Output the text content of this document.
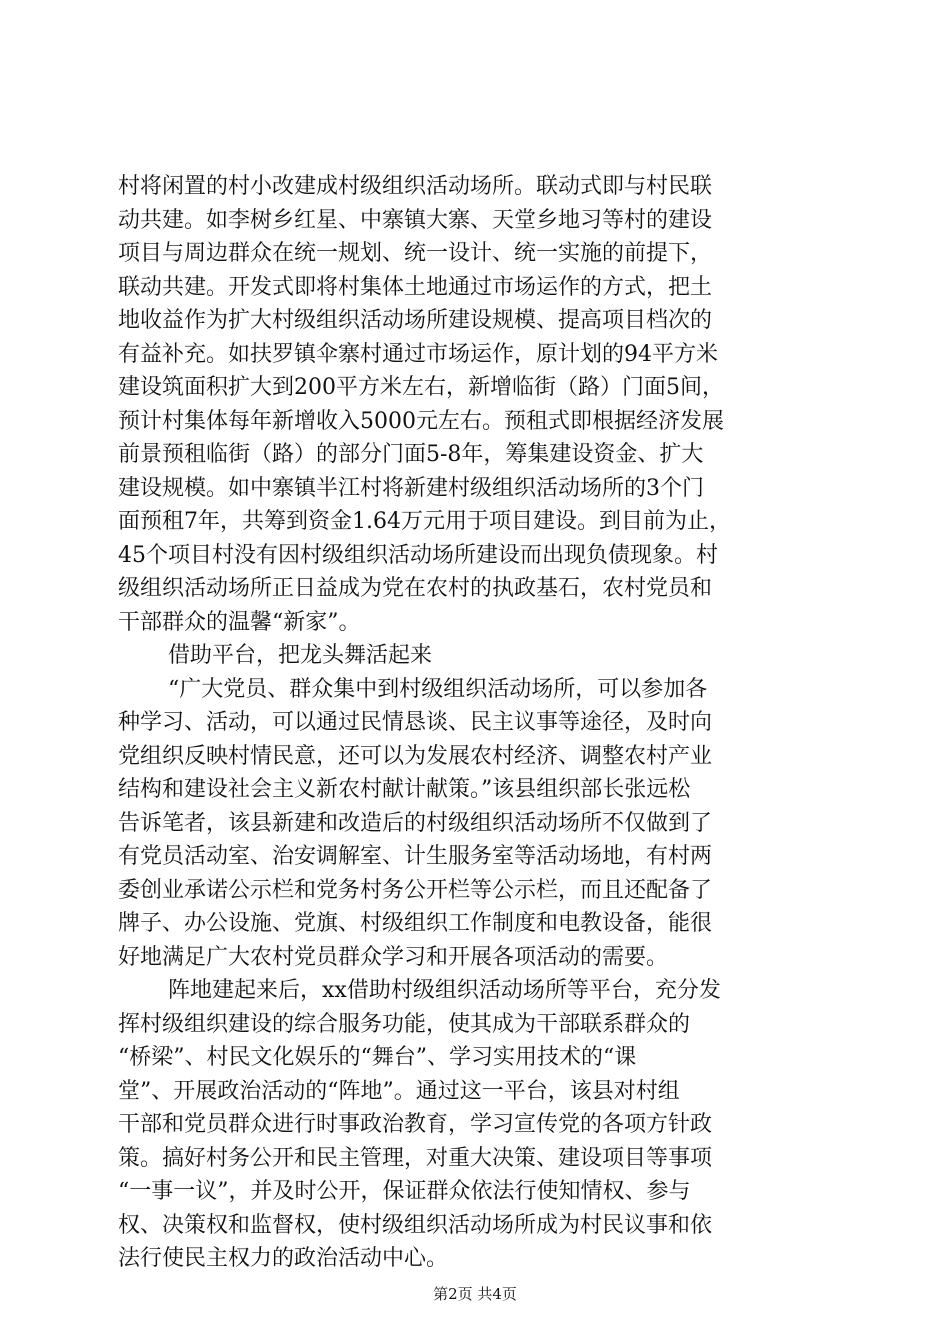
村将闲置的村小改建成村级组织活动场所。联动式即与村民联
动共建。如李树乡红星、中寨镇大寨、天堂乡地习等村的建设
项目与周边群众在统一规划、统一设计、统一实施的前提下，
联动共建。开发式即将村集体土地通过市场运作的方式，把土
地收益作为扩大村级组织活动场所建设规模、提高项目档次的
有益补充。如扶罗镇伞寨村通过市场运作，原计划的94平方米
建设筑面积扩大到200平方米左右，新增临街（路）门面5间，
预计村集体每年新增收入5000元左右。预租式即根据经济发展
前景预租临街（路）的部分门面5-8年，筹集建设资金、扩大
建设规模。如中寨镇半江村将新建村级组织活动场所的3个门
面预租7年，共筹到资金1.64万元用于项目建设。到目前为止，
45个项目村没有因村级组织活动场所建设而出现负债现象。村
级组织活动场所正日益成为党在农村的执政基石，农村党员和
干部群众的温馨“新家”。
借助平台，把龙头舞活起来
“广大党员、群众集中到村级组织活动场所，可以参加各
种学习、活动，可以通过民情恳谈、民主议事等途径，及时向
党组织反映村情民意，还可以为发展农村经济、调整农村产业
结构和建设社会主义新农村献计献策。”该县组织部长张远松
告诉笔者，该县新建和改造后的村级组织活动场所不仅做到了
有党员活动室、治安调解室、计生服务室等活动场地，有村两
委创业承诺公示栏和党务村务公开栏等公示栏，而且还配备了
牌子、办公设施、党旗、村级组织工作制度和电教设备，能很
好地满足广大农村党员群众学习和开展各项活动的需要。
阵地建起来后，xx借助村级组织活动场所等平台，充分发
挥村级组织建设的综合服务功能，使其成为干部联系群众的
“桥梁”、村民文化娱乐的“舞台”、学习实用技术的“课
堂”、开展政治活动的“阵地”。通过这一平台，该县对村组
干部和党员群众进行时事政治教育，学习宣传党的各项方针政
策。搞好村务公开和民主管理，对重大决策、建设项目等事项
“一事一议”，并及时公开，保证群众依法行使知情权、参与
权、决策权和监督权，使村级组织活动场所成为村民议事和依
法行使民主权力的政治活动中心。
第2页 共4页
